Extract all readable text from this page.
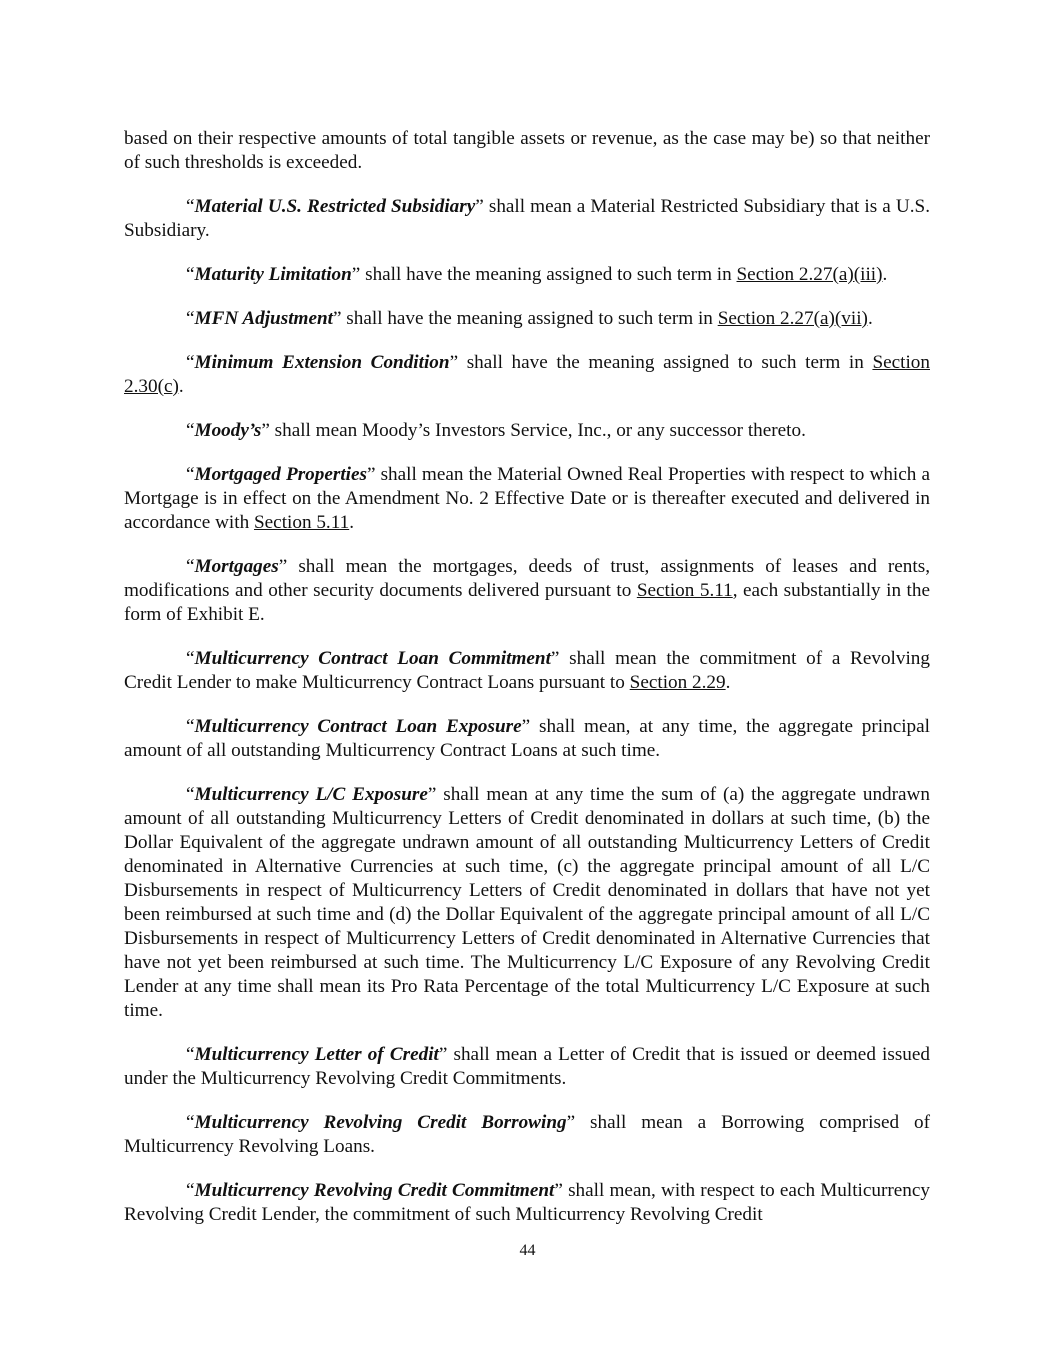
based on their respective amounts of total tangible assets or revenue, as the case may be) so that neither of such thresholds is exceeded.

“Material U.S. Restricted Subsidiary” shall mean a Material Restricted Subsidiary that is a U.S. Subsidiary.

“Maturity Limitation” shall have the meaning assigned to such term in Section 2.27(a)(iii).

“MFN Adjustment” shall have the meaning assigned to such term in Section 2.27(a)(vii).

“Minimum Extension Condition” shall have the meaning assigned to such term in Section 2.30(c).

“Moody’s” shall mean Moody’s Investors Service, Inc., or any successor thereto.

“Mortgaged Properties” shall mean the Material Owned Real Properties with respect to which a Mortgage is in effect on the Amendment No. 2 Effective Date or is thereafter executed and delivered in accordance with Section 5.11.

“Mortgages” shall mean the mortgages, deeds of trust, assignments of leases and rents, modifications and other security documents delivered pursuant to Section 5.11, each substantially in the form of Exhibit E.

“Multicurrency Contract Loan Commitment” shall mean the commitment of a Revolving Credit Lender to make Multicurrency Contract Loans pursuant to Section 2.29.

“Multicurrency Contract Loan Exposure” shall mean, at any time, the aggregate principal amount of all outstanding Multicurrency Contract Loans at such time.

“Multicurrency L/C Exposure” shall mean at any time the sum of (a) the aggregate undrawn amount of all outstanding Multicurrency Letters of Credit denominated in dollars at such time, (b) the Dollar Equivalent of the aggregate undrawn amount of all outstanding Multicurrency Letters of Credit denominated in Alternative Currencies at such time, (c) the aggregate principal amount of all L/C Disbursements in respect of Multicurrency Letters of Credit denominated in dollars that have not yet been reimbursed at such time and (d) the Dollar Equivalent of the aggregate principal amount of all L/C Disbursements in respect of Multicurrency Letters of Credit denominated in Alternative Currencies that have not yet been reimbursed at such time. The Multicurrency L/C Exposure of any Revolving Credit Lender at any time shall mean its Pro Rata Percentage of the total Multicurrency L/C Exposure at such time.

“Multicurrency Letter of Credit” shall mean a Letter of Credit that is issued or deemed issued under the Multicurrency Revolving Credit Commitments.

“Multicurrency Revolving Credit Borrowing” shall mean a Borrowing comprised of Multicurrency Revolving Loans.

“Multicurrency Revolving Credit Commitment” shall mean, with respect to each Multicurrency Revolving Credit Lender, the commitment of such Multicurrency Revolving Credit

44
